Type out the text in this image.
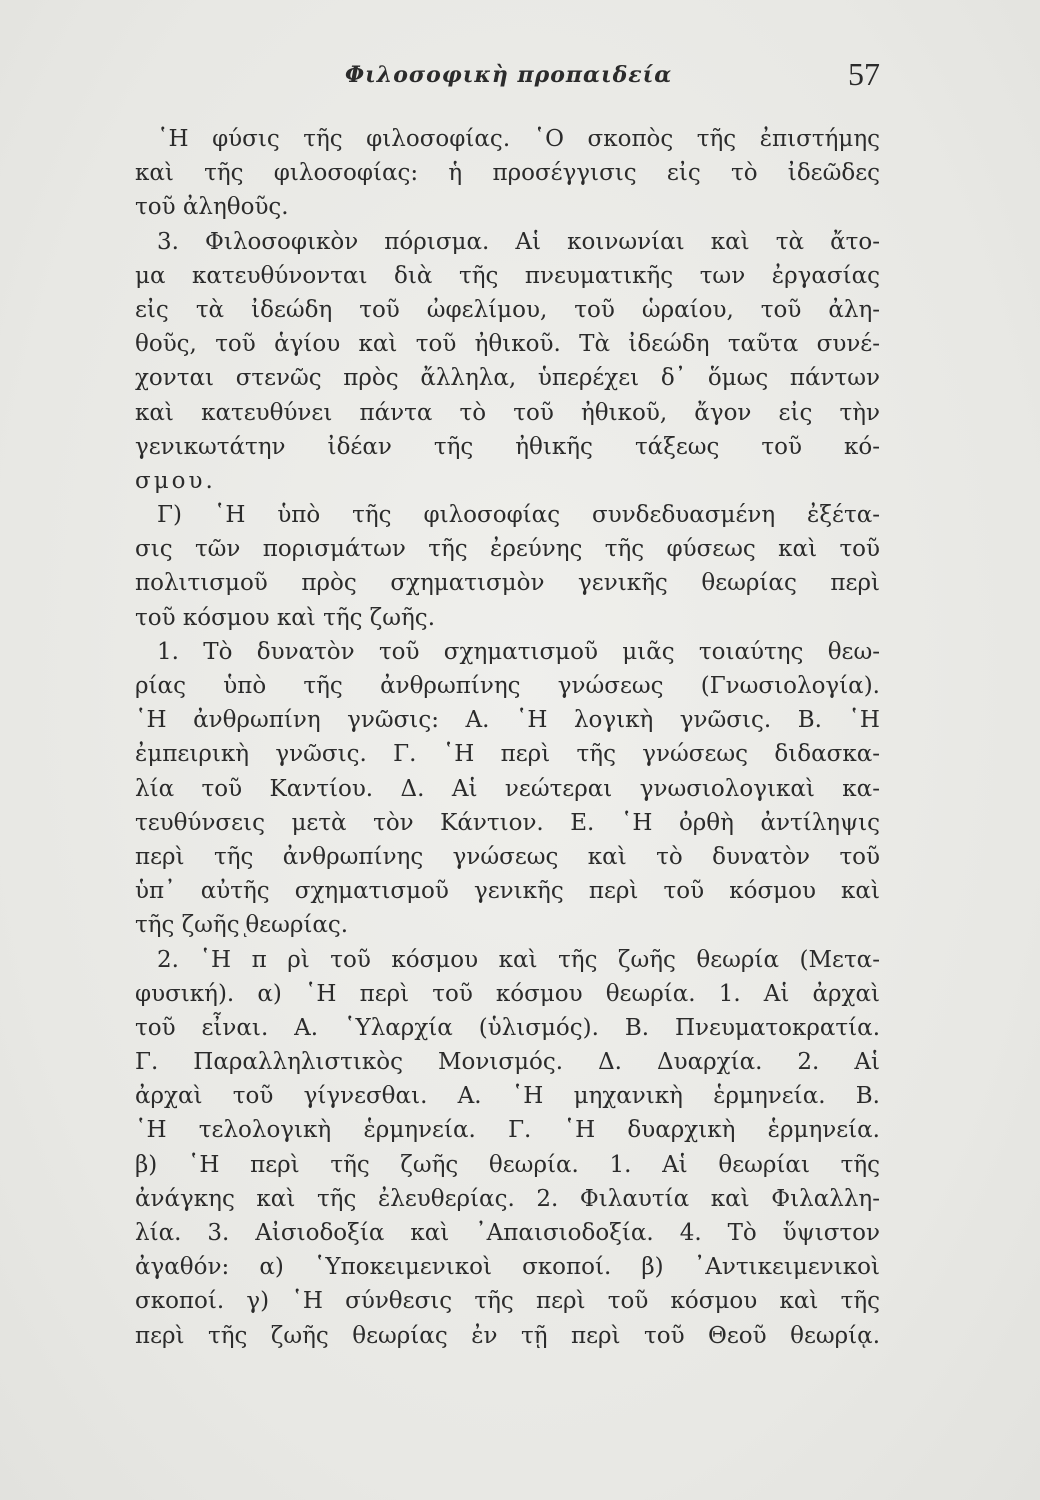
Φιλοσοφικὴ προπαιδεία	57
῾Η φύσις τῆς φιλοσοφίας. ῾Ο σκοπὸς τῆς ἐπιστήμης
καὶ τῆς φιλοσοφίας: ἡ προσέγγισις εἰς τὸ ἰδεῶδες
τοῦ ἀληθοῦς.
3. Φιλοσοφικὸν πόρισμα. Αἱ κοινωνίαι καὶ τὰ ἄτο-
μα κατευθύνονται διὰ τῆς πνευματικῆς των ἐργασίας
εἰς τὰ ἰδεώδη τοῦ ὠφελίμου, τοῦ ὡραίου, τοῦ ἀλη-
θοῦς, τοῦ ἁγίου καὶ τοῦ ἠθικοῦ. Τὰ ἰδεώδη ταῦτα συνέ-
χονται στενῶς πρὸς ἄλληλα, ὑπερέχει δ᾿ ὅμως πάντων
καὶ κατευθύνει πάντα τὸ τοῦ ἠθικοῦ, ἄγον εἰς τὴν
γενικωτάτην ἰδέαν τῆς ἠθικῆς τάξεως τοῦ κό-
σμου.
Γ) ῾Η ὑπὸ τῆς φιλοσοφίας συνδεδυασμένη ἐξέτα-
σις τῶν πορισμάτων τῆς ἐρεύνης τῆς φύσεως καὶ τοῦ
πολιτισμοῦ πρὸς σχηματισμὸν γενικῆς θεωρίας περὶ
τοῦ κόσμου καὶ τῆς ζωῆς.
1. Τὸ δυνατὸν τοῦ σχηματισμοῦ μιᾶς τοιαύτης θεω-
ρίας ὑπὸ τῆς ἀνθρωπίνης γνώσεως (Γνωσιολογία).
῾Η ἀνθρωπίνη γνῶσις: Α. ῾Η λογικὴ γνῶσις. Β. ῾Η
ἐμπειρικὴ γνῶσις. Γ. ῾Η περὶ τῆς γνώσεως διδασκα-
λία τοῦ Καντίου. Δ. Αἱ νεώτεραι γνωσιολογικαὶ κα-
τευθύνσεις μετὰ τὸν Κάντιον. Ε. ῾Η ὀρθὴ ἀντίληψις
περὶ τῆς ἀνθρωπίνης γνώσεως καὶ τὸ δυνατὸν τοῦ
ὑπ᾿ αὐτῆς σχηματισμοῦ γενικῆς περὶ τοῦ κόσμου καὶ
τῆς ζωῆς ͅθεωρίας.
2. ῾Η π ρὶ τοῦ κόσμου καὶ τῆς ζωῆς θεωρία (Μετα-
φυσική). α) ῾Η περὶ τοῦ κόσμου θεωρία. 1. Αἱ ἀρχαὶ
τοῦ εἶναι. Α. ῾Υλαρχία (ὑλισμός). Β. Πνευματοκρατία.
Γ. Παραλληλιστικὸς Μονισμός. Δ. Δυαρχία. 2. Αἱ
ἀρχαὶ τοῦ γίγνεσθαι. Α. ῾Η μηχανικὴ ἑρμηνεία. Β.
῾Η τελολογικὴ ἑρμηνεία. Γ. ῾Η δυαρχικὴ ἑρμηνεία.
β) ῾Η περὶ τῆς ζωῆς θεωρία. 1. Αἱ θεωρίαι τῆς
ἀνάγκης καὶ τῆς ἐλευθερίας. 2. Φιλαυτία καὶ Φιλαλλη-
λία. 3. Αἰσιοδοξία καὶ ᾿Απαισιοδοξία. 4. Τὸ ὕψιστον
ἀγαθόν: α) ῾Υποκειμενικοὶ σκοποί. β) ᾿Αντικειμενικοὶ
σκοποί. γ) ῾Η σύνθεσις τῆς περὶ τοῦ κόσμου καὶ τῆς
περὶ τῆς ζωῆς θεωρίας ἐν τῇ περὶ τοῦ Θεοῦ θεωρίᾳ.
